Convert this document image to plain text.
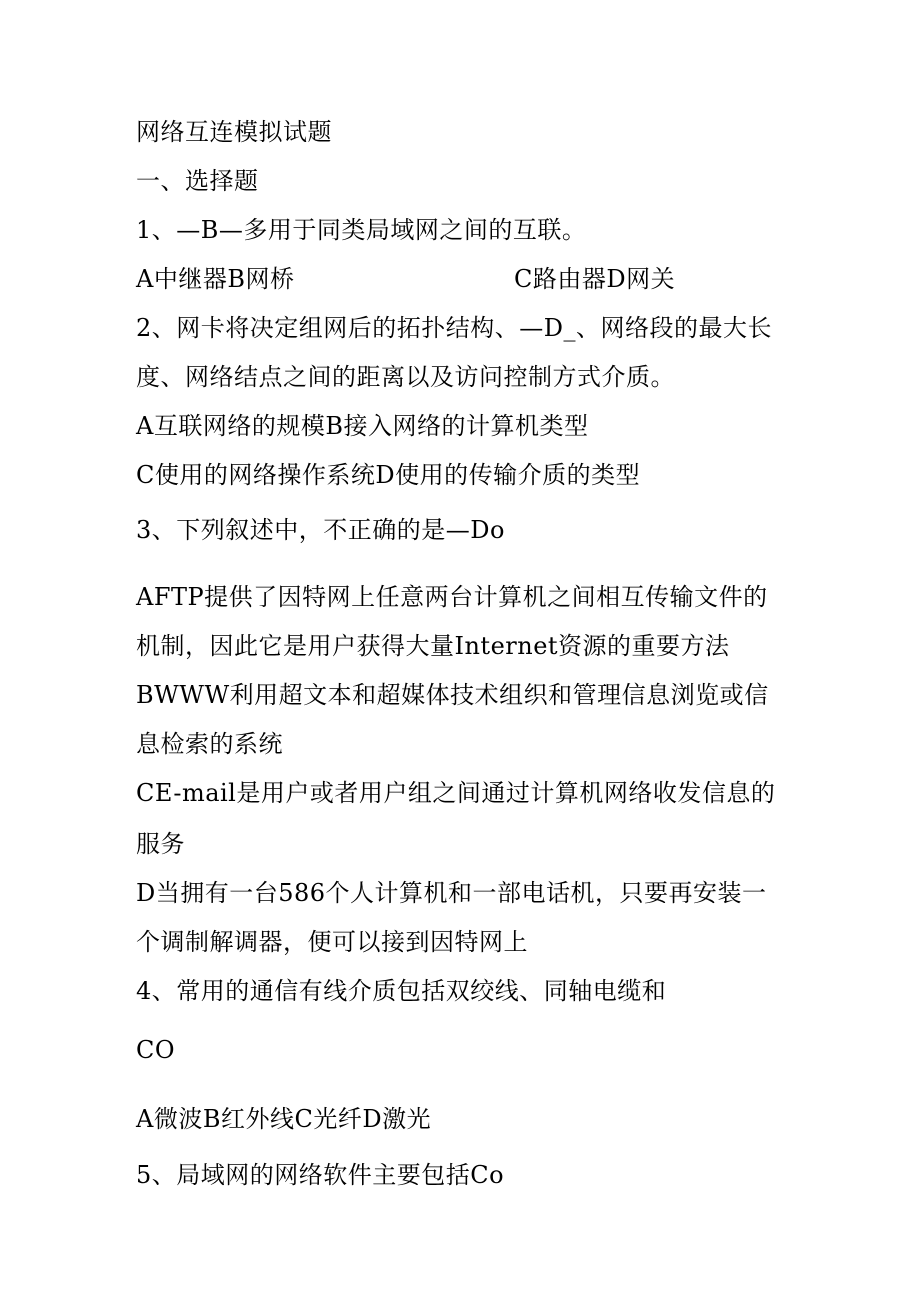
网络互连模拟试题
一、选择题
1、—B—多用于同类局域网之间的互联。
A中继器B网桥	C路由器D网关
2、网卡将决定组网后的拓扑结构、—D_、网络段的最大长
度、网络结点之间的距离以及访问控制方式介质。
A互联网络的规模B接入网络的计算机类型
C使用的网络操作系统D使用的传输介质的类型
3、下列叙述中，不正确的是—Do
AFTP提供了因特网上任意两台计算机之间相互传输文件的
机制，因此它是用户获得大量Internet资源的重要方法
BWWW利用超文本和超媒体技术组织和管理信息浏览或信
息检索的系统
CE-mail是用户或者用户组之间通过计算机网络收发信息的
服务
D当拥有一台586个人计算机和一部电话机，只要再安装一
个调制解调器，便可以接到因特网上
4、常用的通信有线介质包括双绞线、同轴电缆和
CO
A微波B红外线C光纤D激光
5、局域网的网络软件主要包括Co
